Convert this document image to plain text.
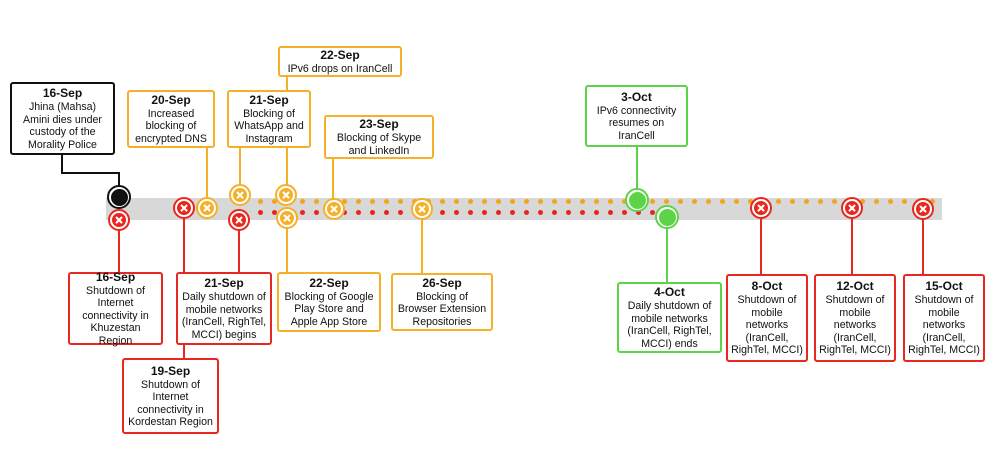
16-Sep
Jhina (Mahsa) Amini dies under custody of the Morality Police
20-Sep
Increased blocking of encrypted DNS
21-Sep
Blocking of WhatsApp and Instagram
22-Sep
IPv6 drops on IranCell
23-Sep
Blocking of Skype and LinkedIn
3-Oct
IPv6 connectivity resumes on IranCell
16-Sep
Shutdown of Internet connectivity in Khuzestan Region
21-Sep
Daily shutdown of mobile networks (IranCell, RighTel, MCCI) begins
19-Sep
Shutdown of Internet connectivity in Kordestan Region
22-Sep
Blocking of Google Play Store and Apple App Store
26-Sep
Blocking of Browser Extension Repositories
4-Oct
Daily shutdown of mobile networks (IranCell, RighTel, MCCI) ends
8-Oct
Shutdown of mobile networks (IranCell, RighTel, MCCI)
12-Oct
Shutdown of mobile networks (IranCell, RighTel, MCCI)
15-Oct
Shutdown of mobile networks (IranCell, RighTel, MCCI)
